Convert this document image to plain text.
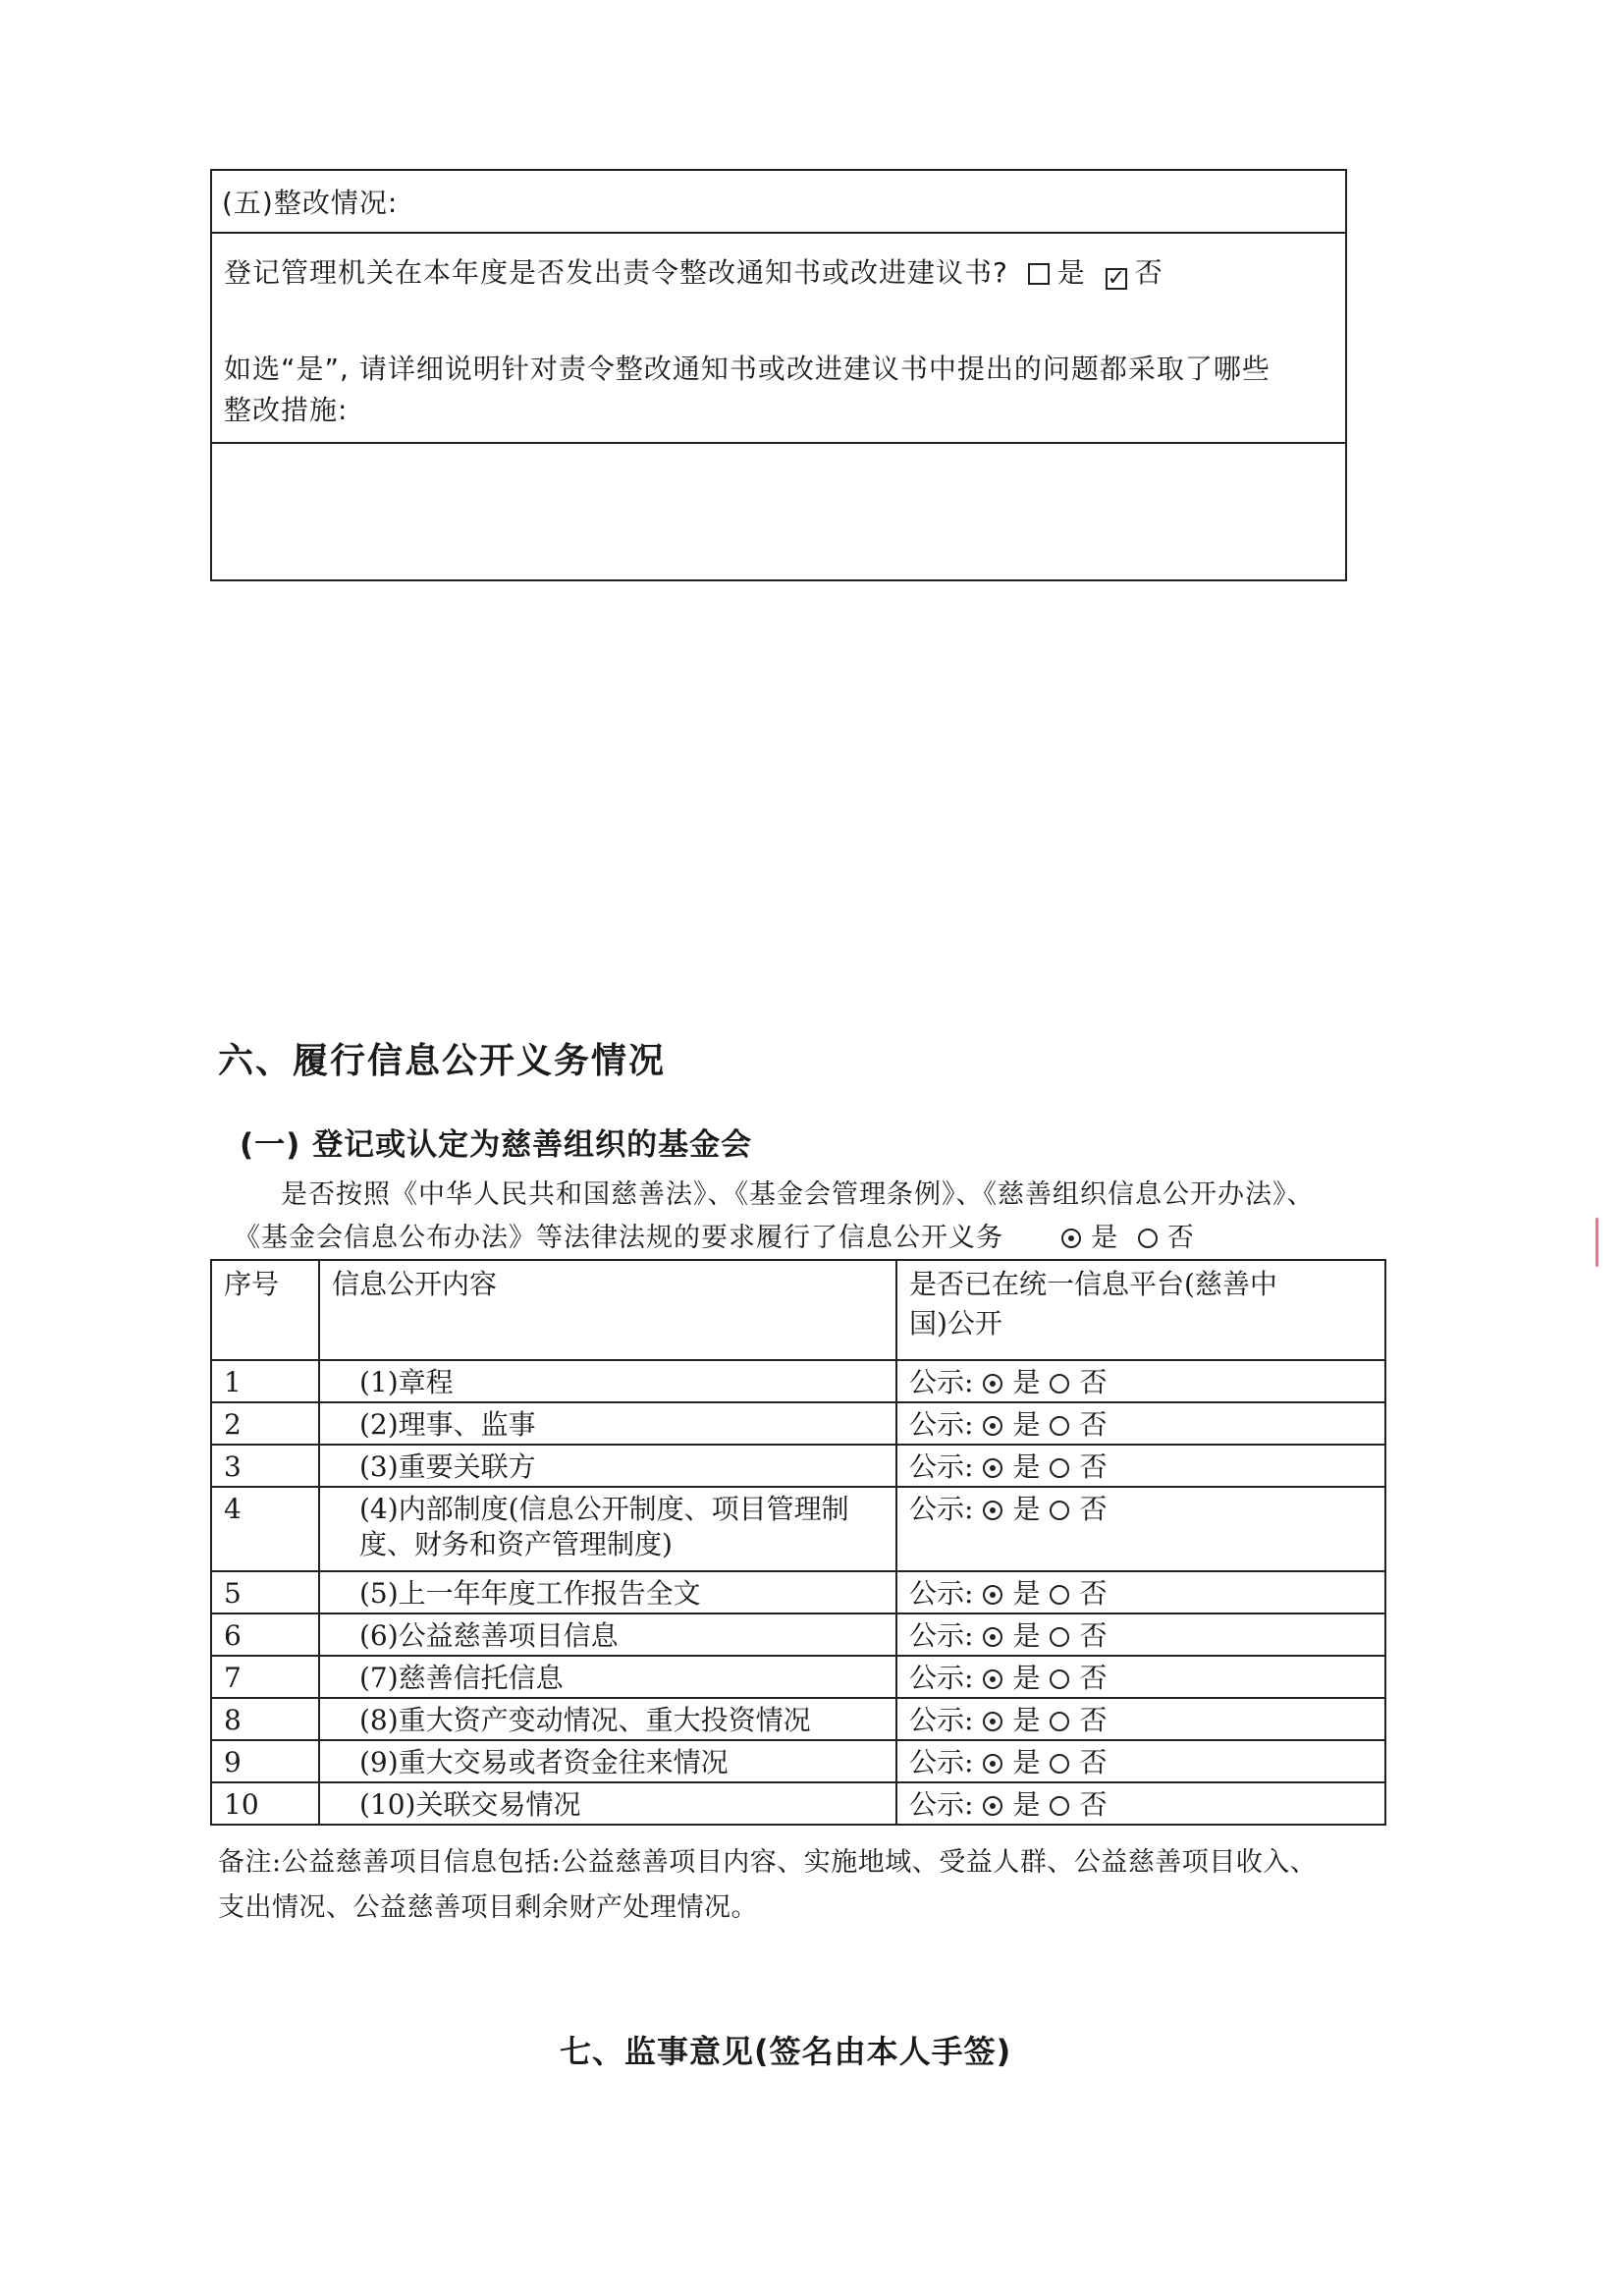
(五)整改情况:
登记管理机关在本年度是否发出责令整改通知书或改进建议书? 是 ✓ 否
如选“是”, 请详细说明针对责令整改通知书或改进建议书中提出的问题都采取了哪些
整改措施:
六、履行信息公开义务情况
(一) 登记或认定为慈善组织的基金会
是否按照《中华人民共和国慈善法》、《基金会管理条例》、《慈善组织信息公开办法》、
《基金会信息公布办法》等法律法规的要求履行了信息公开义务	是 否
序号	信息公开内容	是否已在统一信息平台(慈善中
国)公开

1	(1)章程	公示: 是 否
2	(2)理事、监事	公示: 是 否
3	(3)重要关联方	公示: 是 否
4	(4)内部制度(信息公开制度、项目管理制度、财务和资产管理制度)	公示: 是 否
5	(5)上一年年度工作报告全文	公示: 是 否
6	(6)公益慈善项目信息	公示: 是 否
7	(7)慈善信托信息	公示: 是 否
8	(8)重大资产变动情况、重大投资情况	公示: 是 否
9	(9)重大交易或者资金往来情况	公示: 是 否
10	(10)关联交易情况	公示: 是 否
备注:公益慈善项目信息包括:公益慈善项目内容、实施地域、受益人群、公益慈善项目收入、
支出情况、公益慈善项目剩余财产处理情况。
七、监事意见(签名由本人手签)
